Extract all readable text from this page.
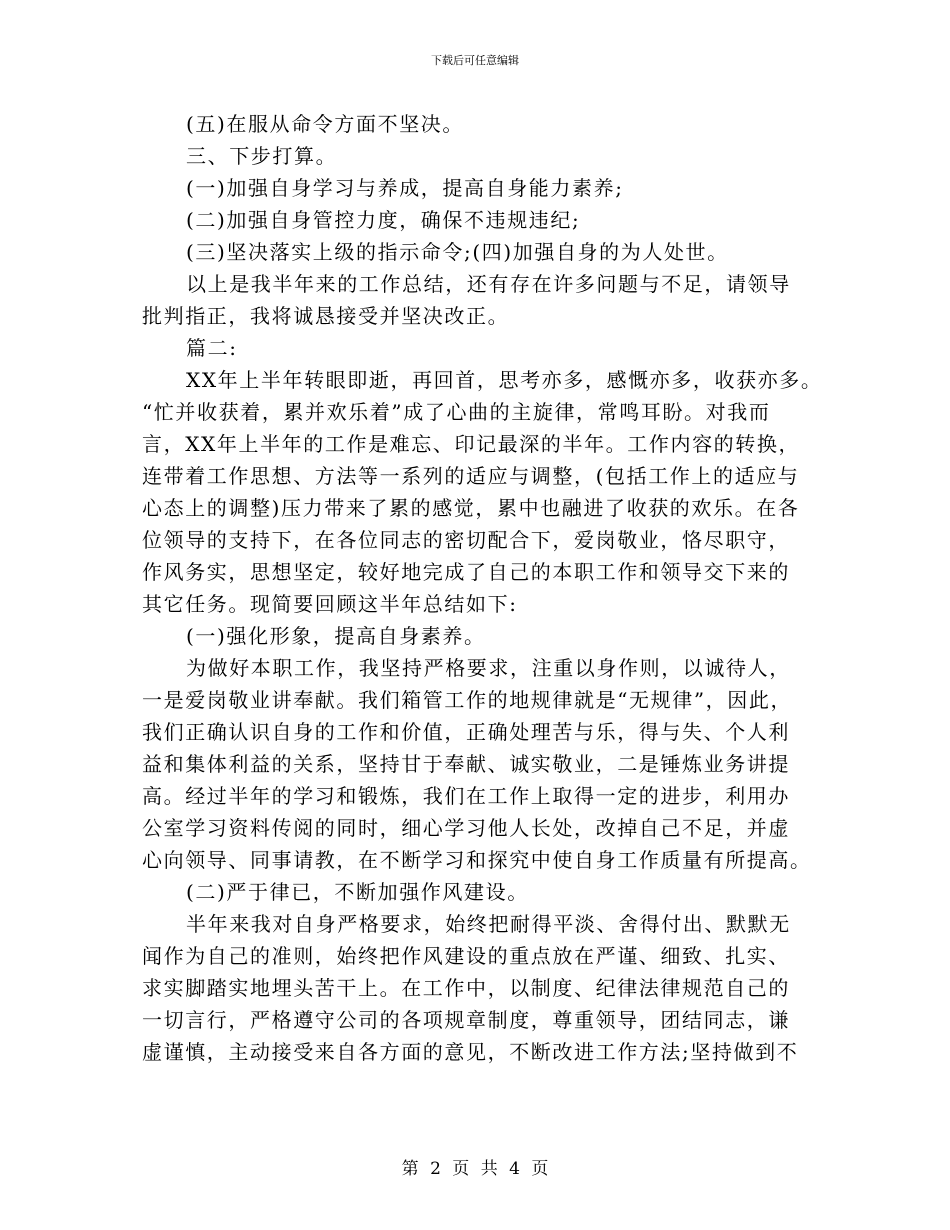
下载后可任意编辑
(五)在服从命令方面不坚决。
三、下步打算。
(一)加强自身学习与养成，提高自身能力素养;
(二)加强自身管控力度，确保不违规违纪;
(三)坚决落实上级的指示命令;(四)加强自身的为人处世。
以上是我半年来的工作总结，还有存在许多问题与不足，请领导
批判指正，我将诚恳接受并坚决改正。
篇二:
XX年上半年转眼即逝，再回首，思考亦多，感慨亦多，收获亦多。
“忙并收获着，累并欢乐着”成了心曲的主旋律，常鸣耳盼。对我而
言，XX年上半年的工作是难忘、印记最深的半年。工作内容的转换，
连带着工作思想、方法等一系列的适应与调整，(包括工作上的适应与
心态上的调整)压力带来了累的感觉，累中也融进了收获的欢乐。在各
位领导的支持下，在各位同志的密切配合下，爱岗敬业，恪尽职守，
作风务实，思想坚定，较好地完成了自己的本职工作和领导交下来的
其它任务。现简要回顾这半年总结如下:
(一)强化形象，提高自身素养。
为做好本职工作，我坚持严格要求，注重以身作则，以诚待人，
一是爱岗敬业讲奉献。我们箱管工作的地规律就是“无规律”，因此，
我们正确认识自身的工作和价值，正确处理苦与乐，得与失、个人利
益和集体利益的关系，坚持甘于奉献、诚实敬业，二是锤炼业务讲提
高。经过半年的学习和锻炼，我们在工作上取得一定的进步，利用办
公室学习资料传阅的同时，细心学习他人长处，改掉自己不足，并虚
心向领导、同事请教，在不断学习和探究中使自身工作质量有所提高。
(二)严于律已，不断加强作风建设。
半年来我对自身严格要求，始终把耐得平淡、舍得付出、默默无
闻作为自己的准则，始终把作风建设的重点放在严谨、细致、扎实、
求实脚踏实地埋头苦干上。在工作中，以制度、纪律法律规范自己的
一切言行，严格遵守公司的各项规章制度，尊重领导，团结同志，谦
虚谨慎，主动接受来自各方面的意见，不断改进工作方法;坚持做到不
第 2 页 共 4 页
